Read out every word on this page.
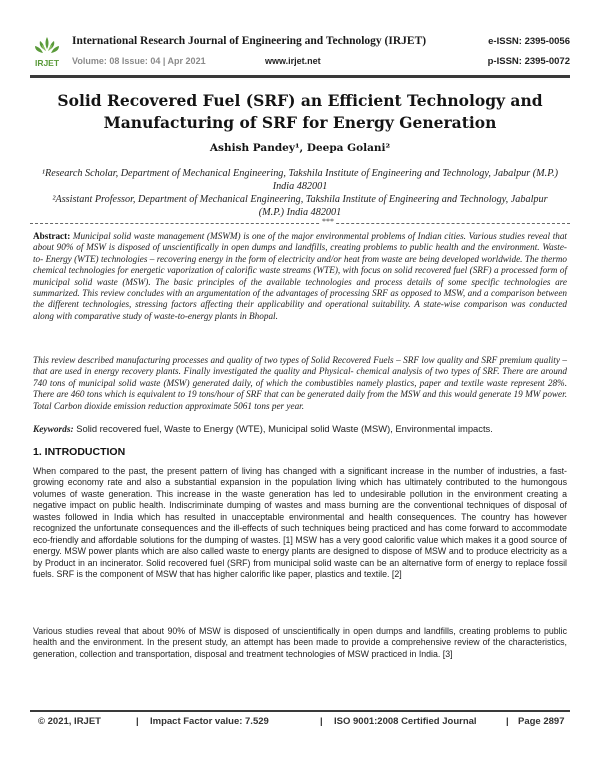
IRJET
International Research Journal of Engineering and Technology (IRJET)	e-ISSN: 2395-0056
Volume: 08 Issue: 04 | Apr 2021	www.irjet.net	p-ISSN: 2395-0072
Solid Recovered Fuel (SRF) an Efficient Technology and Manufacturing of SRF for Energy Generation
Ashish Pandey¹, Deepa Golani²
¹Research Scholar, Department of Mechanical Engineering, Takshila Institute of Engineering and Technology, Jabalpur (M.P.) India 482001
²Assistant Professor, Department of Mechanical Engineering, Takshila Institute of Engineering and Technology, Jabalpur (M.P.) India 482001
***

Abstract: Municipal solid waste management (MSWM) is one of the major environmental problems of Indian cities. Various studies reveal that about 90% of MSW is disposed of unscientifically in open dumps and landfills, creating problems to public health and the environment. Waste-to- Energy (WTE) technologies – recovering energy in the form of electricity and/or heat from waste are being developed worldwide. The thermo chemical technologies for energetic vaporization of calorific waste streams (WTE), with focus on solid recovered fuel (SRF) a processed form of municipal solid waste (MSW). The basic principles of the available technologies and process details of some specific technologies are summarized. This review concludes with an argumentation of the advantages of processing SRF as opposed to MSW, and a comparison between the different technologies, stressing factors affecting their applicability and operational suitability. A state-wise comparison was conducted along with comparative study of waste-to-energy plants in Bhopal.

This review described manufacturing processes and quality of two types of Solid Recovered Fuels – SRF low quality and SRF premium quality – that are used in energy recovery plants. Finally investigated the quality and Physical- chemical analysis of two types of SRF. There are around 740 tons of municipal solid waste (MSW) generated daily, of which the combustibles namely plastics, paper and textile waste represent 28%. There are 460 tons which is equivalent to 19 tons/hour of SRF that can be generated daily from the MSW and this would generate 19 MW power. Total Carbon dioxide emission reduction approximate 5061 tons per year.

Keywords: Solid recovered fuel, Waste to Energy (WTE), Municipal solid Waste (MSW), Environmental impacts.

1. INTRODUCTION

When compared to the past, the present pattern of living has changed with a significant increase in the number of industries, a fast-growing economy rate and also a substantial expansion in the population living which has ultimately contributed to the humongous volumes of waste generation. This increase in the waste generation has led to undesirable pollution in the environment creating a negative impact on public health. Indiscriminate dumping of wastes and mass burning are the conventional techniques of disposal of wastes followed in India which has resulted in unacceptable environmental and health consequences. The country has however recognized the unfortunate consequences and the ill-effects of such techniques being practiced and has come forward to accommodate eco-friendly and affordable solutions for the dumping of wastes. [1] MSW has a very good calorific value which makes it a good source of energy. MSW power plants which are also called waste to energy plants are designed to dispose of MSW and to produce electricity as a by Product in an incinerator. Solid recovered fuel (SRF) from municipal solid waste can be an alternative form of energy to replace fossil fuels. SRF is the component of MSW that has higher calorific like paper, plastics and textile. [2]

Various studies reveal that about 90% of MSW is disposed of unscientifically in open dumps and landfills, creating problems to public health and the environment. In the present study, an attempt has been made to provide a comprehensive review of the characteristics, generation, collection and transportation, disposal and treatment technologies of MSW practiced in India. [3]

© 2021, IRJET	| Impact Factor value: 7.529	| ISO 9001:2008 Certified Journal	| Page 2897
